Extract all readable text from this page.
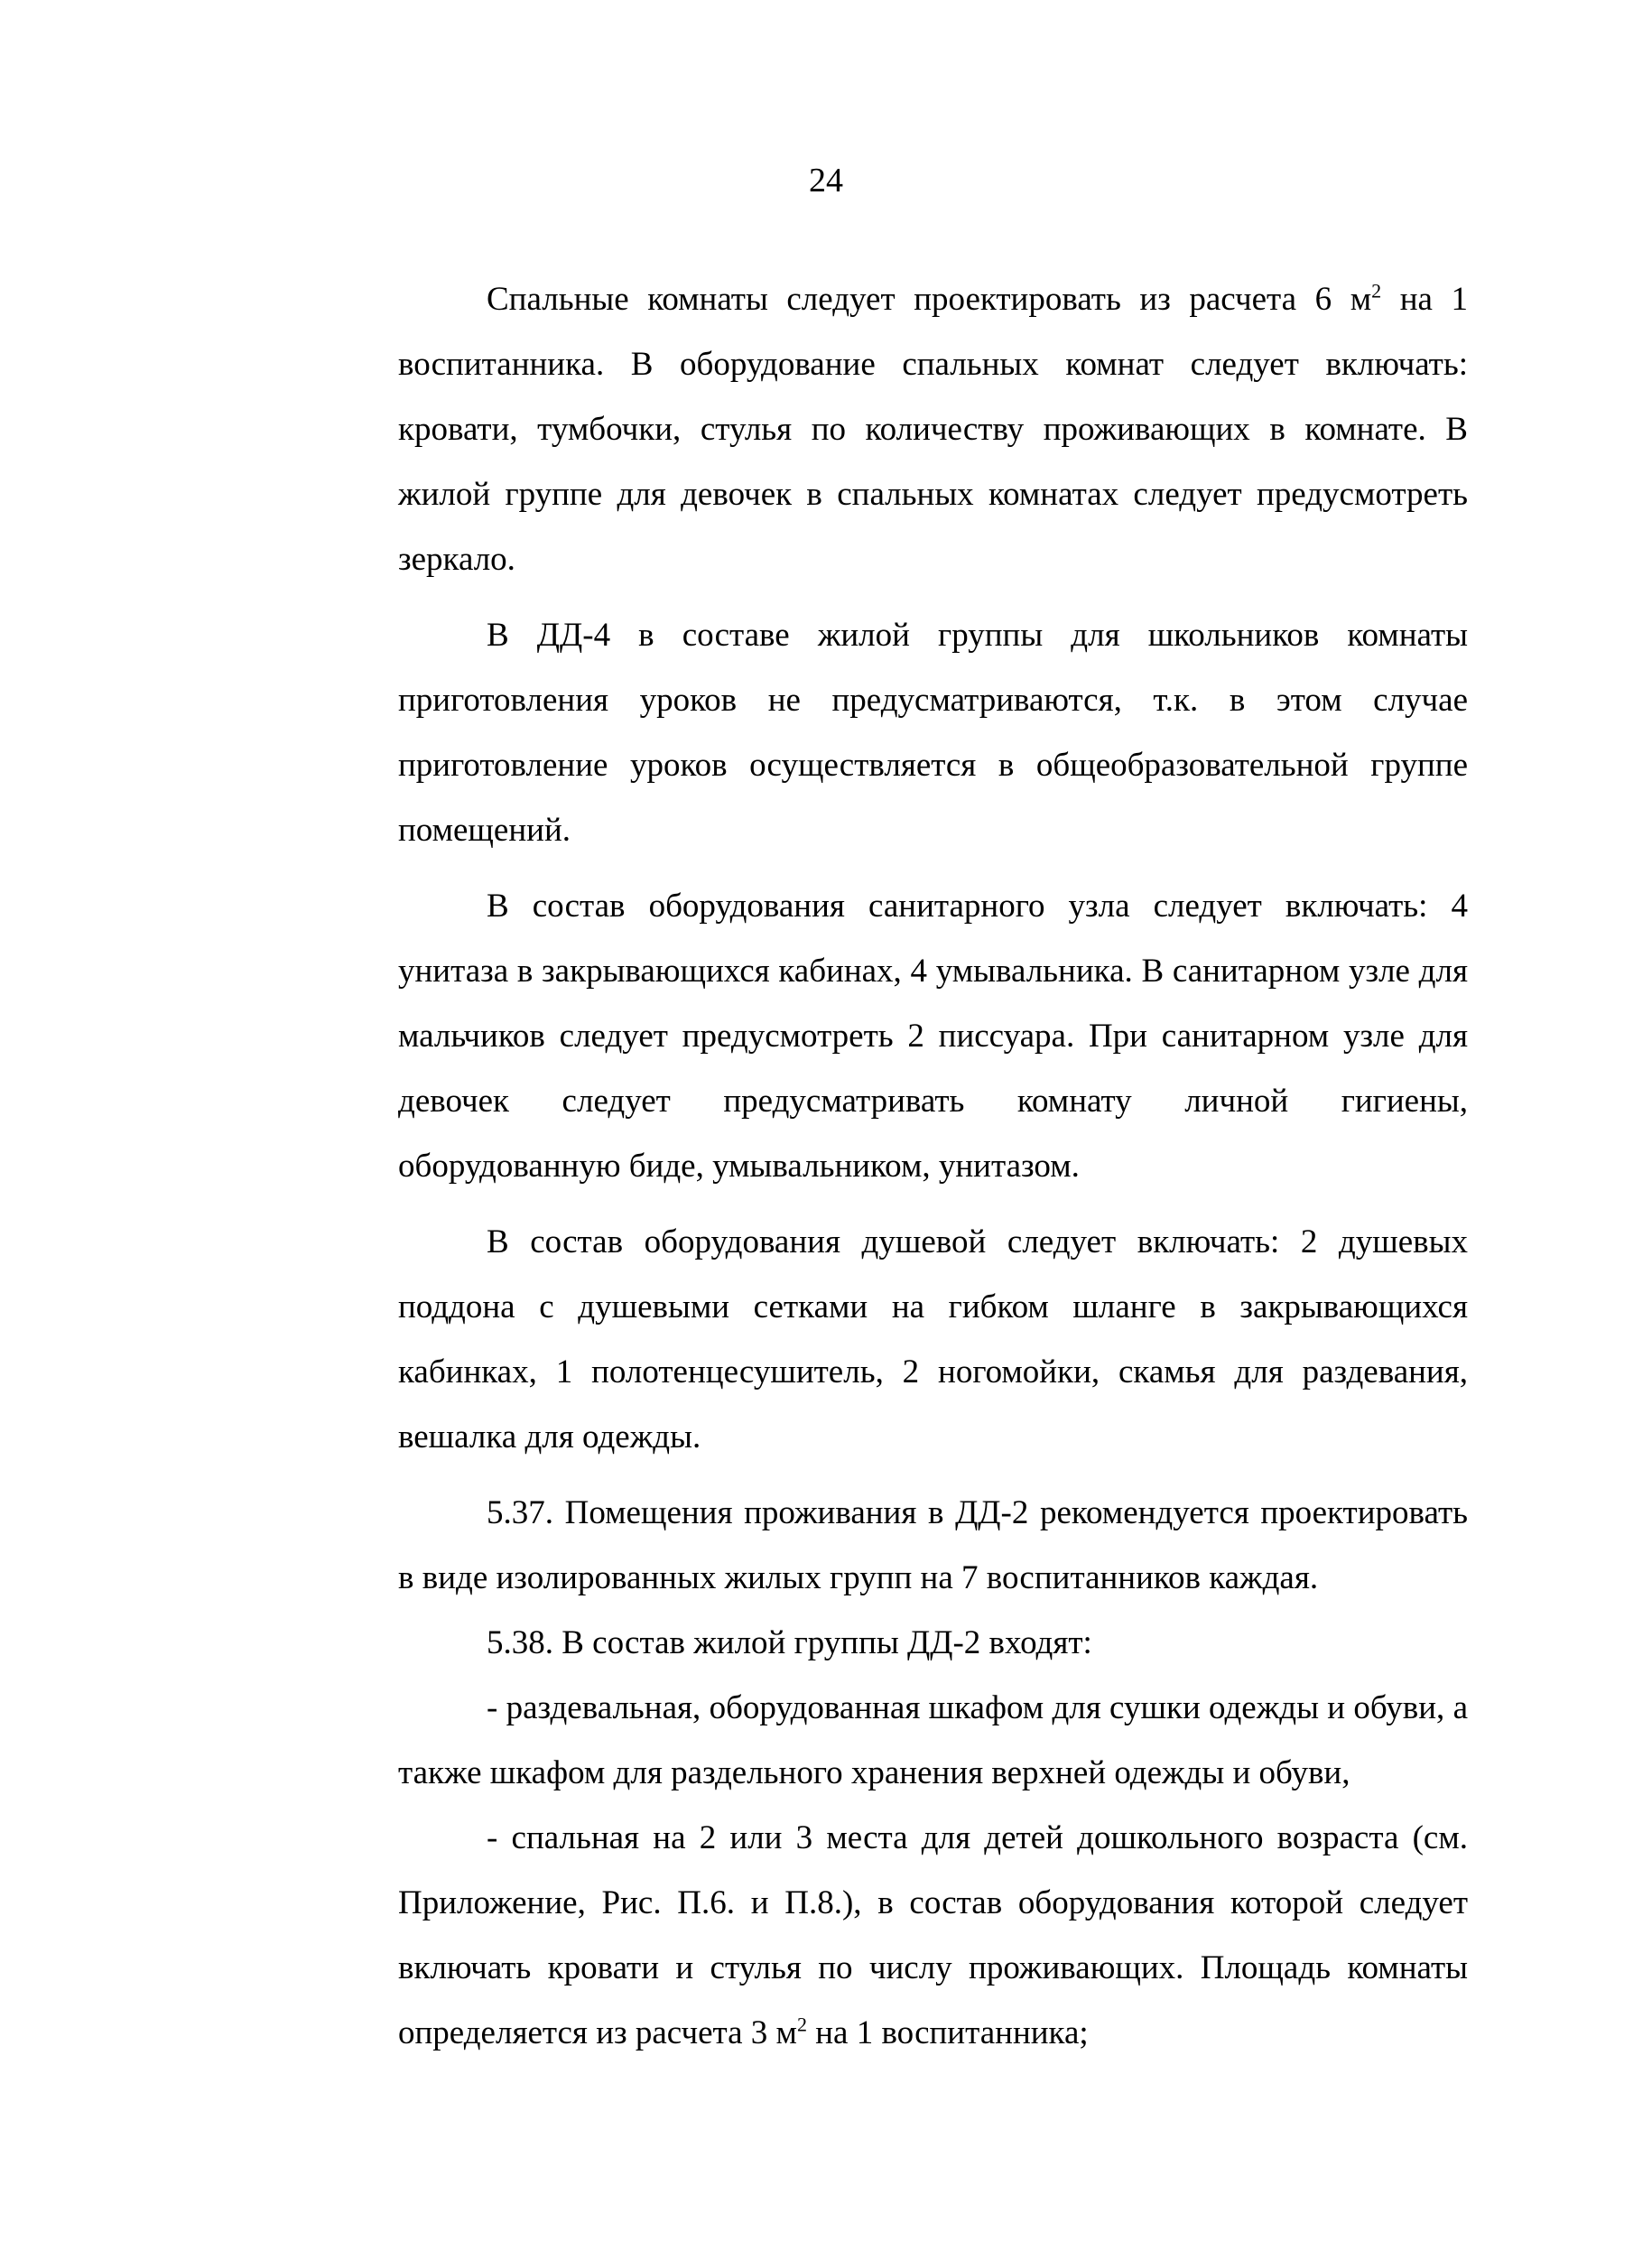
24

Спальные комнаты следует проектировать из расчета 6 $м^2$ на 1 воспитанника. В оборудование спальных комнат следует включать: кровати, тумбочки, стулья по количеству проживающих в комнате. В жилой группе для девочек в спальных комнатах следует предусмотреть зеркало.

В ДД-4 в составе жилой группы для школьников комнаты приготовления уроков не предусматриваются, т.к. в этом случае приготовление уроков осуществляется в общеобразовательной группе помещений.

В состав оборудования санитарного узла следует включать: 4 унитаза в закрывающихся кабинах, 4 умывальника. В санитарном узле для мальчиков следует предусмотреть 2 писсуара. При санитарном узле для девочек следует предусматривать комнату личной гигиены, оборудованную биде, умывальником, унитазом.

В состав оборудования душевой следует включать: 2 душевых поддона с душевыми сетками на гибком шланге в закрывающихся кабинках, 1 полотенцесушитель, 2 ногомойки, скамья для раздевания, вешалка для одежды.

5.37. Помещения проживания в ДД-2 рекомендуется проектировать в виде изолированных жилых групп на 7 воспитанников каждая.

5.38. В состав жилой группы ДД-2 входят:

- раздевальная, оборудованная шкафом для сушки одежды и обуви, а также шкафом для раздельного хранения верхней одежды и обуви,

- спальная на 2 или 3 места для детей дошкольного возраста (см. Приложение, Рис. П.6. и П.8.), в состав оборудования которой следует включать кровати и стулья по числу проживающих. Площадь комнаты определяется из расчета 3 $м^2$ на 1 воспитанника;
